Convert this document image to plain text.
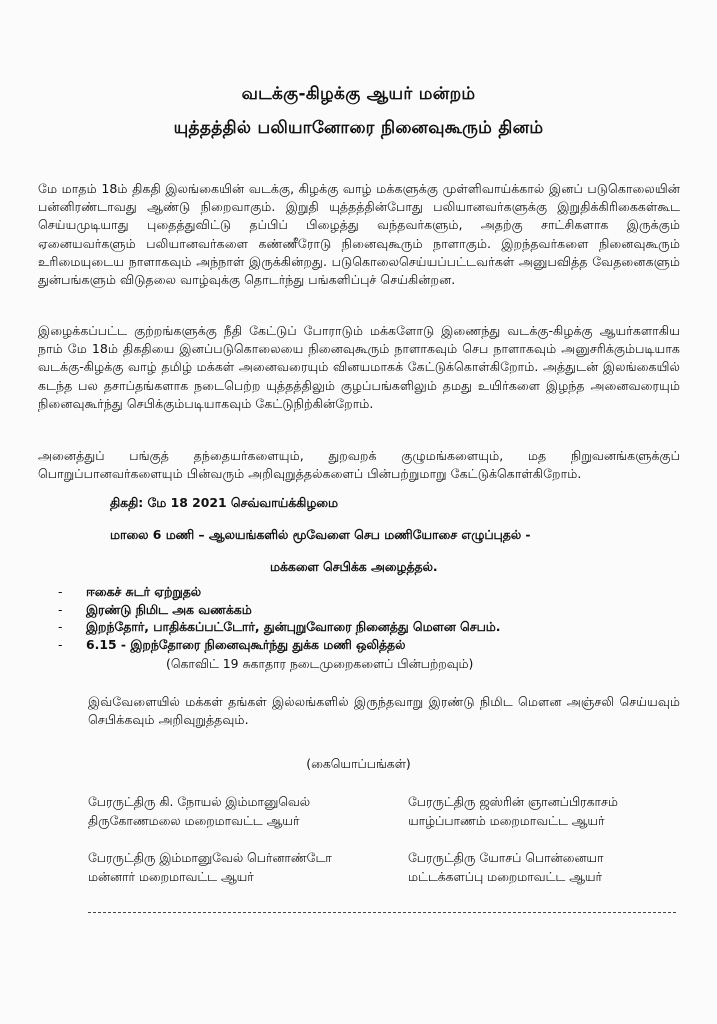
வடக்கு-கிழக்கு ஆயர் மன்றம்
யுத்தத்தில் பலியானோரை நினைவுகூரும் தினம்
மே மாதம் 18ம் திகதி இலங்கையின் வடக்கு, கிழக்கு வாழ் மக்களுக்கு முள்ளிவாய்க்கால் இனப் படுகொலையின் பன்னிரண்டாவது ஆண்டு நிறைவாகும். இறுதி யுத்தத்தின்போது பலியானவர்களுக்கு இறுதிக்கிரிகைகள்கூட செய்யமுடியாது புதைத்துவிட்டு தப்பிப் பிழைத்து வந்தவர்களும், அதற்கு சாட்சிகளாக இருக்கும் ஏனையவர்களும் பலியானவர்களை கண்ணீரோடு நினைவுகூரும் நாளாகும். இறந்தவர்களை நினைவுகூரும் உரிமையுடைய நாளாகவும் அந்நாள் இருக்கின்றது. படுகொலைசெய்யப்பட்டவர்கள் அனுபவித்த வேதனைகளும் துன்பங்களும் விடுதலை வாழ்வுக்கு தொடர்ந்து பங்களிப்புச் செய்கின்றன.
இழைக்கப்பட்ட குற்றங்களுக்கு நீதி கேட்டுப் போராடும் மக்களோடு இணைந்து வடக்கு-கிழக்கு ஆயர்களாகிய நாம் மே 18ம் திகதியை இனப்படுகொலையை நினைவுகூரும் நாளாகவும் செப நாளாகவும் அனுசரிக்கும்படியாக வடக்கு-கிழக்கு வாழ் தமிழ் மக்கள் அனைவரையும் வினயமாகக் கேட்டுக்கொள்கிறோம். அத்துடன் இலங்கையில் கடந்த பல தசாப்தங்களாக நடைபெற்ற யுத்தத்திலும் குழப்பங்களிலும் தமது உயிர்களை இழந்த அனைவரையும் நினைவுகூர்ந்து செபிக்கும்படியாகவும் கேட்டுநிற்கின்றோம்.
அனைத்துப் பங்குத் தந்தையர்களையும், துறவறக் குழுமங்களையும், மத நிறுவனங்களுக்குப் பொறுப்பானவர்களையும் பின்வரும் அறிவுறுத்தல்களைப் பின்பற்றுமாறு கேட்டுக்கொள்கிறோம்.
திகதி: மே 18 2021 செவ்வாய்க்கிழமை
மாலை 6 மணி – ஆலயங்களில் மூவேளை செப மணியோசை எழுப்புதல் -
மக்களை செபிக்க அழைத்தல்.
- ஈகைச் சுடர் ஏற்றுதல்
- இரண்டு நிமிட அக வணக்கம்
- இறந்தோர், பாதிக்கப்பட்டோர், துன்புறுவோரை நினைத்து மௌன செபம்.
- 6.15 - இறந்தோரை நினைவுகூர்ந்து துக்க மணி ஒலித்தல்
(கொவிட் 19 சுகாதார நடைமுறைகளைப் பின்பற்றவும்)
இவ்வேளையில் மக்கள் தங்கள் இல்லங்களில் இருந்தவாறு இரண்டு நிமிட மௌன அஞ்சலி செய்யவும் செபிக்கவும் அறிவுறுத்தவும்.
(கையொப்பங்கள்)
பேரருட்திரு கி. நோயல் இம்மானுவெல்
திருகோணமலை மறைமாவட்ட ஆயர்
பேரருட்திரு ஜஸ்ரின் ஞானப்பிரகாசம்
யாழ்ப்பாணம் மறைமாவட்ட ஆயர்
பேரருட்திரு இம்மானுவேல் பெர்னாண்டோ
மன்னார் மறைமாவட்ட ஆயர்
பேரருட்திரு யோசப் பொன்னையா
மட்டக்களப்பு மறைமாவட்ட ஆயர்
